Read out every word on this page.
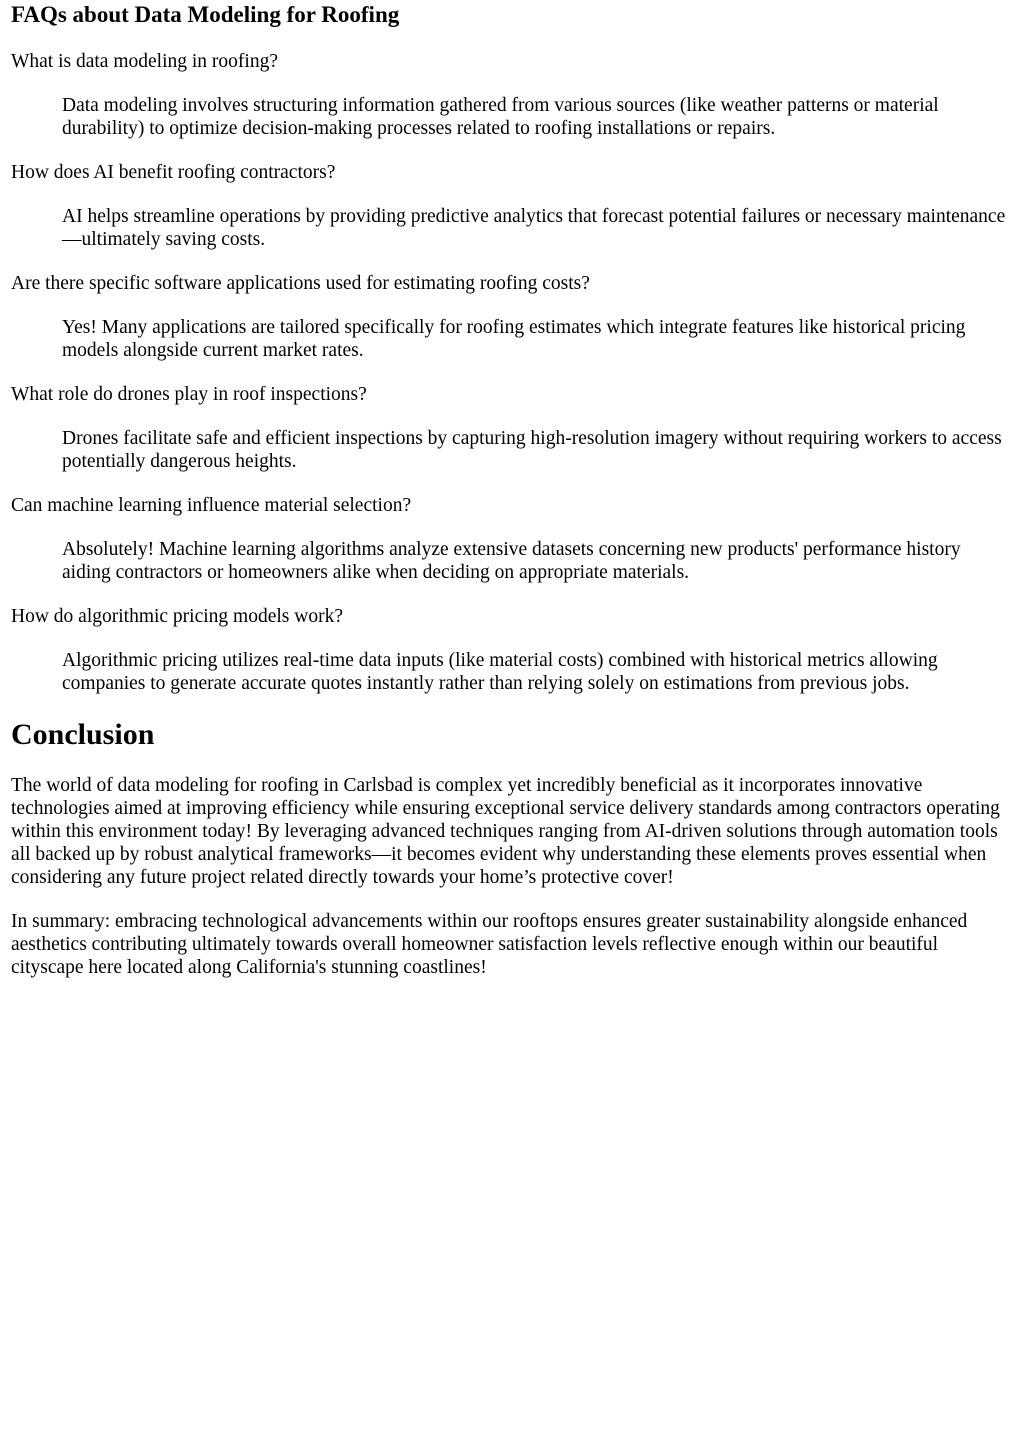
FAQs about Data Modeling for Roofing
What is data modeling in roofing?
Data modeling involves structuring information gathered from various sources (like weather patterns or material durability) to optimize decision-making processes related to roofing installations or repairs.
How does AI benefit roofing contractors?
AI helps streamline operations by providing predictive analytics that forecast potential failures or necessary maintenance—ultimately saving costs.
Are there specific software applications used for estimating roofing costs?
Yes! Many applications are tailored specifically for roofing estimates which integrate features like historical pricing models alongside current market rates.
What role do drones play in roof inspections?
Drones facilitate safe and efficient inspections by capturing high-resolution imagery without requiring workers to access potentially dangerous heights.
Can machine learning influence material selection?
Absolutely! Machine learning algorithms analyze extensive datasets concerning new products' performance history aiding contractors or homeowners alike when deciding on appropriate materials.
How do algorithmic pricing models work?
Algorithmic pricing utilizes real-time data inputs (like material costs) combined with historical metrics allowing companies to generate accurate quotes instantly rather than relying solely on estimations from previous jobs.
Conclusion

The world of data modeling for roofing in Carlsbad is complex yet incredibly beneficial as it incorporates innovative technologies aimed at improving efficiency while ensuring exceptional service delivery standards among contractors operating within this environment today! By leveraging advanced techniques ranging from AI-driven solutions through automation tools all backed up by robust analytical frameworks—it becomes evident why understanding these elements proves essential when considering any future project related directly towards your home’s protective cover!

In summary: embracing technological advancements within our rooftops ensures greater sustainability alongside enhanced aesthetics contributing ultimately towards overall homeowner satisfaction levels reflective enough within our beautiful cityscape here located along California's stunning coastlines!
